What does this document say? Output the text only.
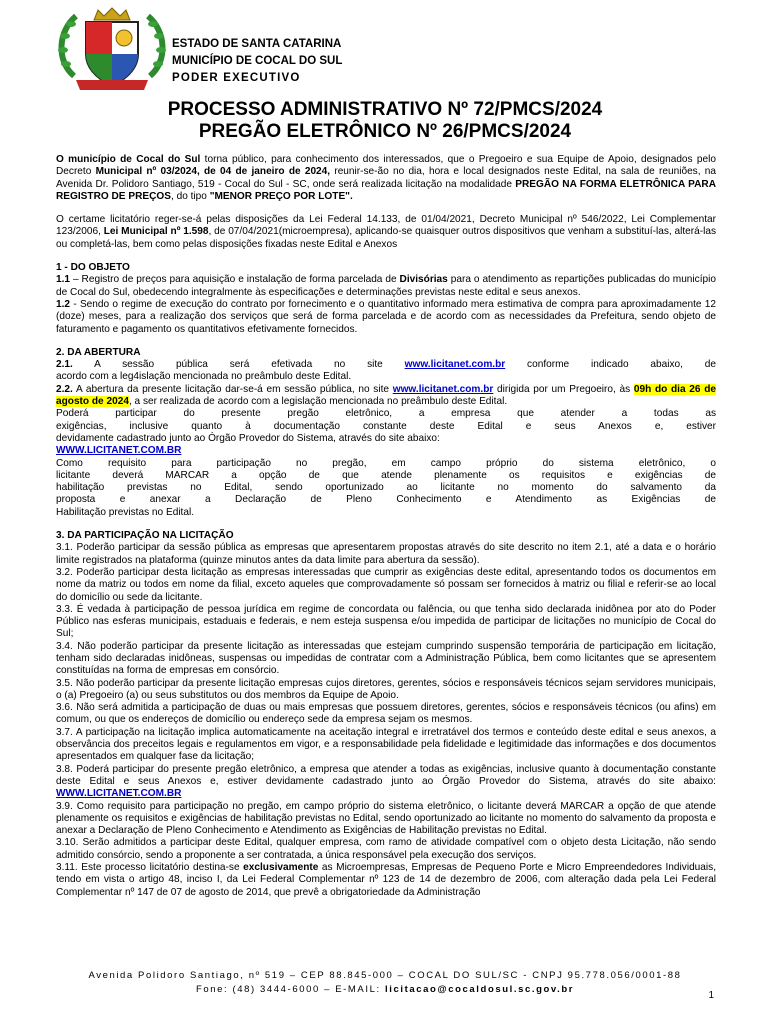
ESTADO DE SANTA CATARINA
MUNICÍPIO DE COCAL DO SUL
PODER EXECUTIVO
PROCESSO ADMINISTRATIVO Nº 72/PMCS/2024
PREGÃO ELETRÔNICO Nº 26/PMCS/2024

O município de Cocal do Sul torna público, para conhecimento dos interessados, que o Pregoeiro e sua Equipe de Apoio, designados pelo Decreto Municipal nº 03/2024, de 04 de janeiro de 2024, reunir-se-ão no dia, hora e local designados neste Edital, na sala de reuniões, na Avenida Dr. Polidoro Santiago, 519 - Cocal do Sul - SC, onde será realizada licitação na modalidade PREGÃO NA FORMA ELETRÔNICA PARA REGISTRO DE PREÇOS, do tipo "MENOR PREÇO POR LOTE".

O certame licitatório reger-se-á pelas disposições da Lei Federal 14.133, de 01/04/2021, Decreto Municipal nº 546/2022, Lei Complementar 123/2006, Lei Municipal nº 1.598, de 07/04/2021(microempresa), aplicando-se quaisquer outros dispositivos que venham a substituí-las, alterá-las ou completá-las, bem como pelas disposições fixadas neste Edital e Anexos

1 - DO OBJETO

1.1 – Registro de preços para aquisição e instalação de forma parcelada de Divisórias para o atendimento as repartições publicadas do município de Cocal do Sul, obedecendo integralmente às especificações e determinações previstas neste edital e seus anexos.

1.2 - Sendo o regime de execução do contrato por fornecimento e o quantitativo informado mera estimativa de compra para aproximadamente 12 (doze) meses, para a realização dos serviços que será de forma parcelada e de acordo com as necessidades da Prefeitura, sendo objeto de faturamento e pagamento os quantitativos efetivamente fornecidos.

2. DA ABERTURA

2.1. A sessão pública será efetivada no site www.licitanet.com.br conforme indicado abaixo, de

acordo com a leg4islação mencionada no preâmbulo deste Edital.

2.2. A abertura da presente licitação dar-se-á em sessão pública, no site www.licitanet.com.br dirigida por um Pregoeiro, às 09h do dia 26 de agosto de 2024, a ser realizada de acordo com a legislação mencionada no preâmbulo deste Edital.

Poderá participar do presente pregão eletrônico, a empresa que atender a todas as

exigências, inclusive quanto à documentação constante deste Edital e seus Anexos e, estiver

devidamente cadastrado junto ao Órgão Provedor do Sistema, através do site abaixo:

WWW.LICITANET.COM.BR

Como requisito para participação no pregão, em campo próprio do sistema eletrônico, o

licitante deverá MARCAR a opção de que atende plenamente os requisitos e exigências de

habilitação previstas no Edital, sendo oportunizado ao licitante no momento do salvamento da

proposta e anexar a Declaração de Pleno Conhecimento e Atendimento as Exigências de

Habilitação previstas no Edital.

3. DA PARTICIPAÇÃO NA LICITAÇÃO

3.1. Poderão participar da sessão pública as empresas que apresentarem propostas através do site descrito no item 2.1, até a data e o horário limite registrados na plataforma (quinze minutos antes da data limite para abertura da sessão).

3.2. Poderão participar desta licitação as empresas interessadas que cumprir as exigências deste edital, apresentando todos os documentos em nome da matriz ou todos em nome da filial, exceto aqueles que comprovadamente só possam ser fornecidos à matriz ou filial e referir-se ao local do domicílio ou sede da licitante.

3.3. É vedada à participação de pessoa jurídica em regime de concordata ou falência, ou que tenha sido declarada inidônea por ato do Poder Público nas esferas municipais, estaduais e federais, e nem esteja suspensa e/ou impedida de participar de licitações no município de Cocal do Sul;

3.4. Não poderão participar da presente licitação as interessadas que estejam cumprindo suspensão temporária de participação em licitação, tenham sido declaradas inidôneas, suspensas ou impedidas de contratar com a Administração Pública, bem como licitantes que se apresentem constituídas na forma de empresas em consórcio.

3.5. Não poderão participar da presente licitação empresas cujos diretores, gerentes, sócios e responsáveis técnicos sejam servidores municipais, o (a) Pregoeiro (a) ou seus substitutos ou dos membros da Equipe de Apoio.

3.6. Não será admitida a participação de duas ou mais empresas que possuem diretores, gerentes, sócios e responsáveis técnicos (ou afins) em comum, ou que os endereços de domicílio ou endereço sede da empresa sejam os mesmos.

3.7. A participação na licitação implica automaticamente na aceitação integral e irretratável dos termos e conteúdo deste edital e seus anexos, a observância dos preceitos legais e regulamentos em vigor, e a responsabilidade pela fidelidade e legitimidade das informações e dos documentos apresentados em qualquer fase da licitação;

3.8. Poderá participar do presente pregão eletrônico, a empresa que atender a todas as exigências, inclusive quanto à documentação constante deste Edital e seus Anexos e, estiver devidamente cadastrado junto ao Órgão Provedor do Sistema, através do site abaixo: WWW.LICITANET.COM.BR

3.9. Como requisito para participação no pregão, em campo próprio do sistema eletrônico, o licitante deverá MARCAR a opção de que atende plenamente os requisitos e exigências de habilitação previstas no Edital, sendo oportunizado ao licitante no momento do salvamento da proposta e anexar a Declaração de Pleno Conhecimento e Atendimento as Exigências de Habilitação previstas no Edital.

3.10. Serão admitidos a participar deste Edital, qualquer empresa, com ramo de atividade compatível com o objeto desta Licitação, não sendo admitido consórcio, sendo a proponente a ser contratada, a única responsável pela execução dos serviços.

3.11. Este processo licitatório destina-se exclusivamente as Microempresas, Empresas de Pequeno Porte e Micro Empreendedores Individuais, tendo em vista o artigo 48, inciso I, da Lei Federal Complementar nº 123 de 14 de dezembro de 2006, com alteração dada pela Lei Federal Complementar nº 147 de 07 de agosto de 2014, que prevê a obrigatoriedade da Administração

Avenida Polidoro Santiago, nº 519 – CEP 88.845-000 – COCAL DO SUL/SC - CNPJ 95.778.056/0001-88
Fone: (48) 3444-6000 – E-MAIL: licitacao@cocaldosul.sc.gov.br
1
